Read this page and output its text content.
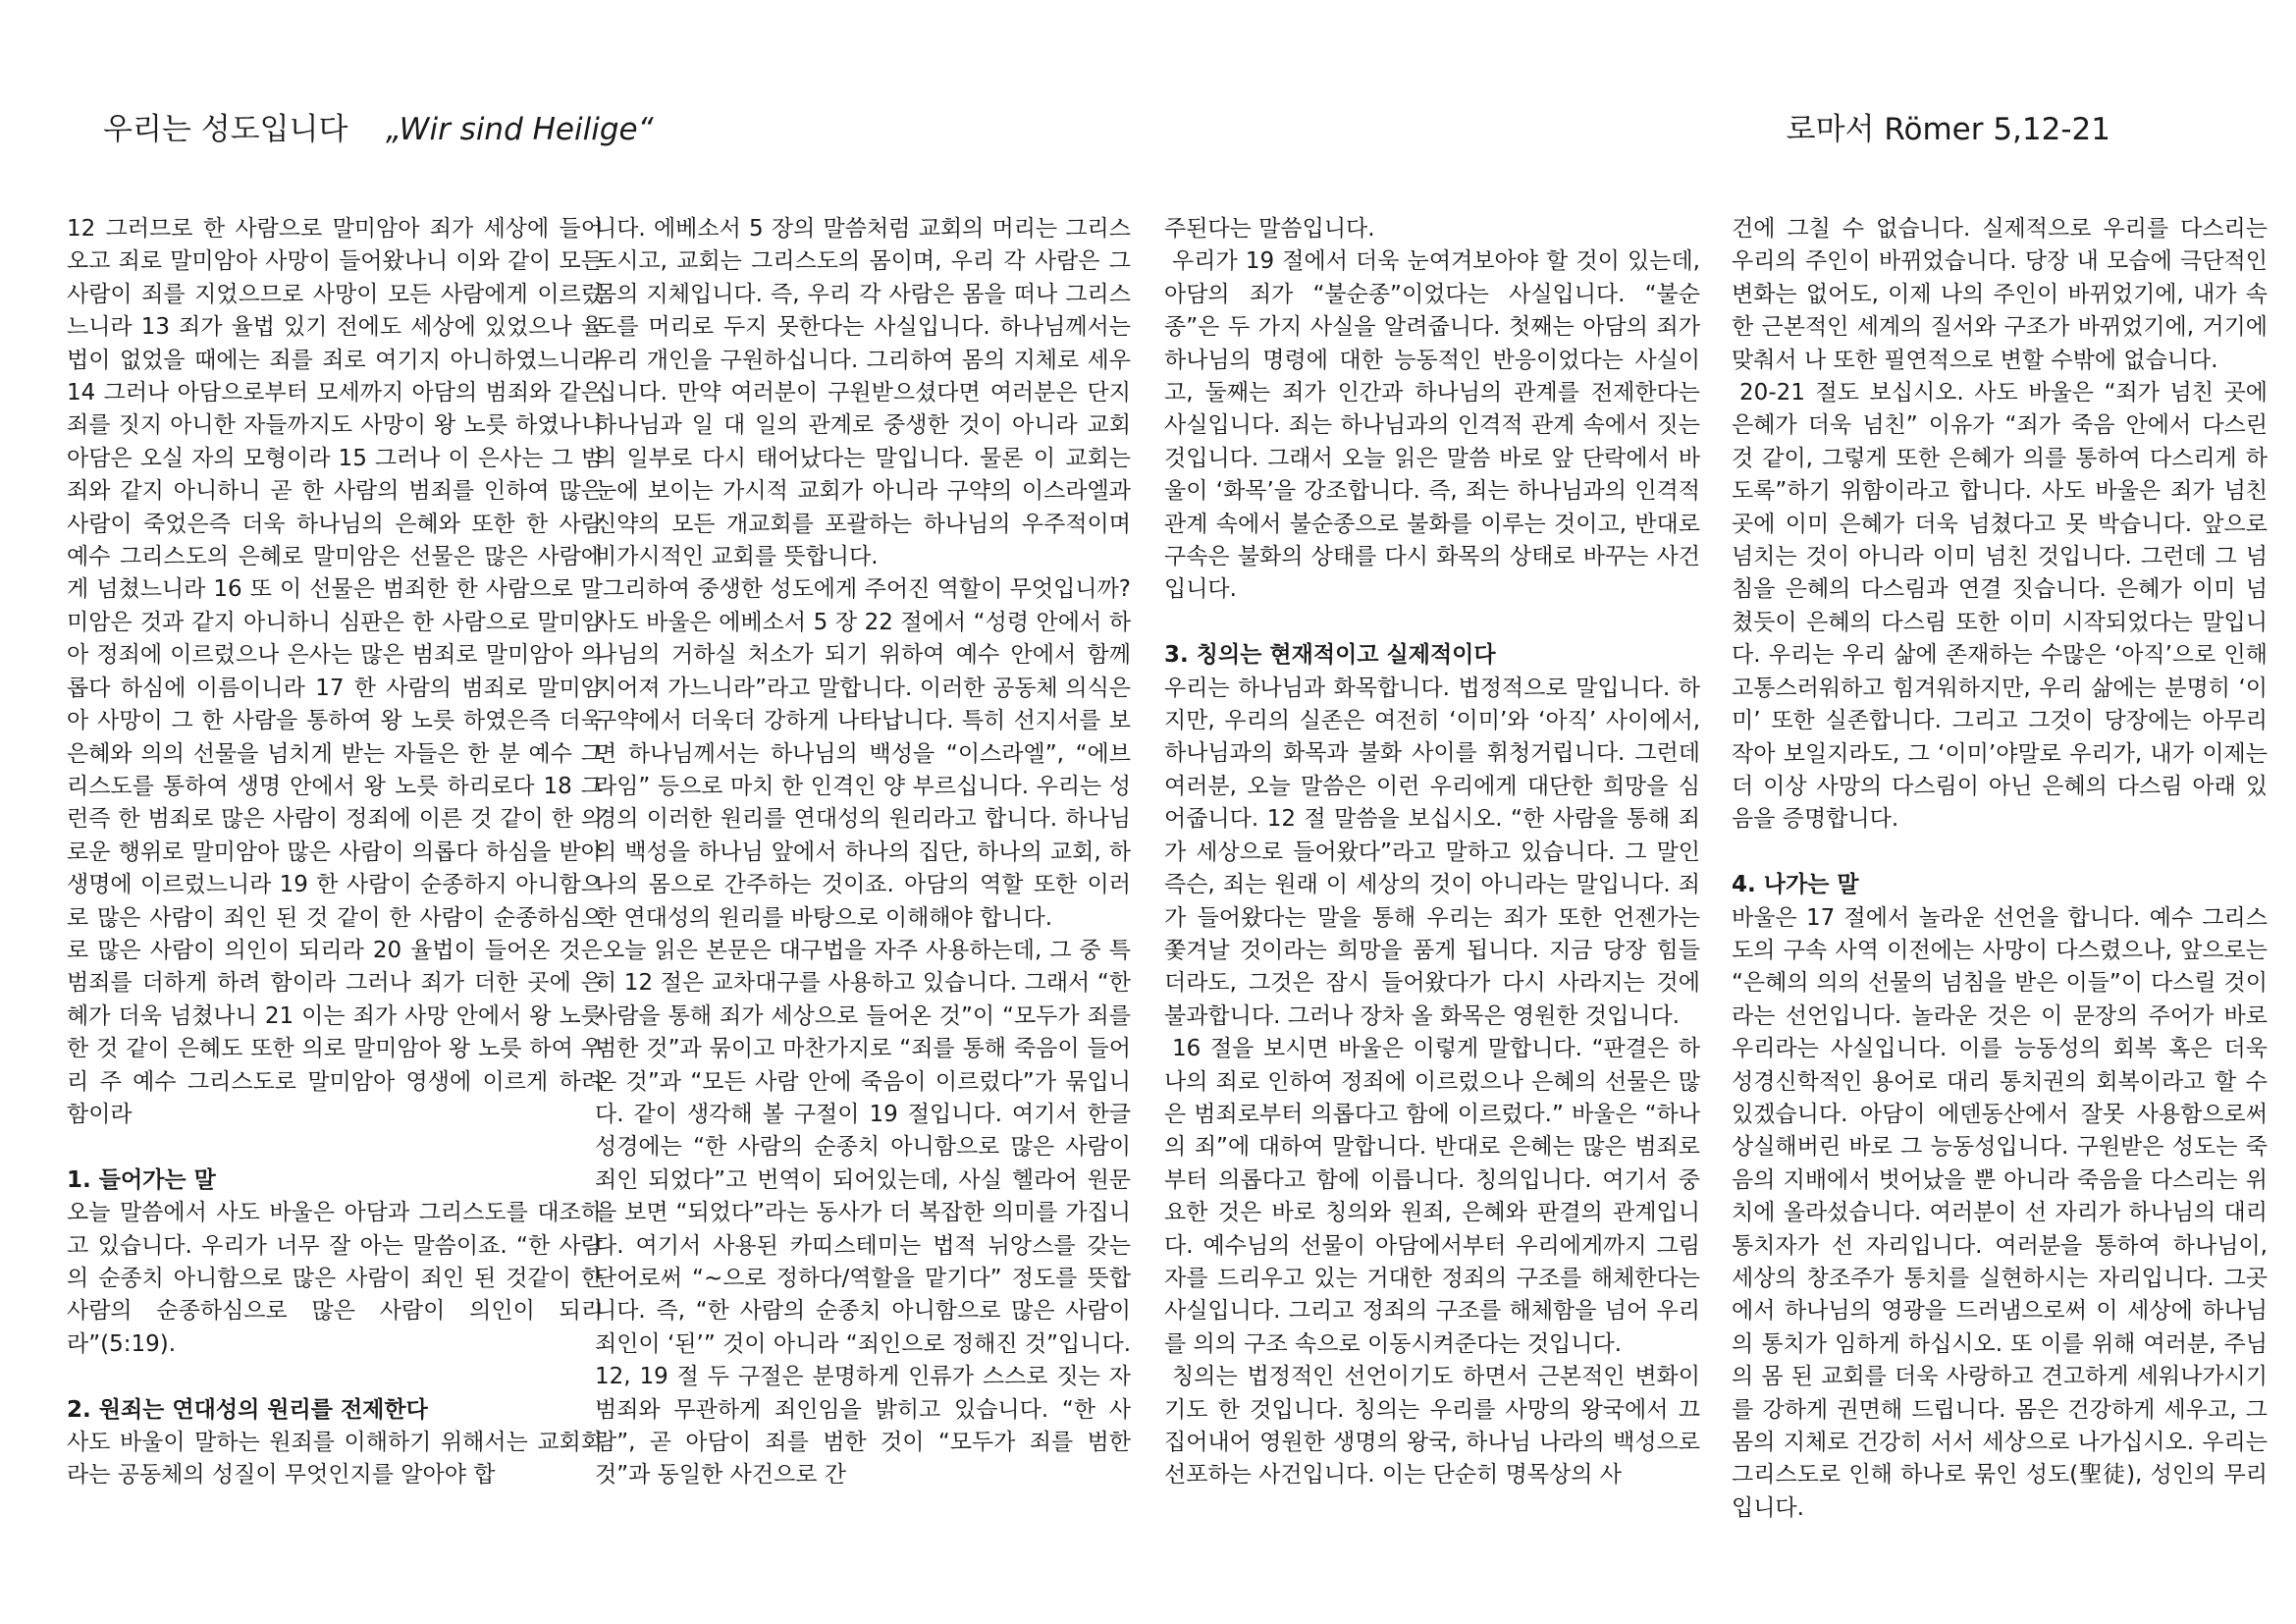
우리는 성도입니다 „Wir sind Heilige“	로마서 Römer 5,12-21

12 그러므로 한 사람으로 말미암아 죄가 세상에 들어오고 죄로 말미암아 사망이 들어왔나니 이와 같이 모든 사람이 죄를 지었으므로 사망이 모든 사람에게 이르렀느니라 13 죄가 율법 있기 전에도 세상에 있었으나 율법이 없었을 때에는 죄를 죄로 여기지 아니하였느니라 14 그러나 아담으로부터 모세까지 아담의 범죄와 같은 죄를 짓지 아니한 자들까지도 사망이 왕 노릇 하였나니 아담은 오실 자의 모형이라 15 그러나 이 은사는 그 범죄와 같지 아니하니 곧 한 사람의 범죄를 인하여 많은 사람이 죽었은즉 더욱 하나님의 은혜와 또한 한 사람 예수 그리스도의 은혜로 말미암은 선물은 많은 사람에게 넘쳤느니라 16 또 이 선물은 범죄한 한 사람으로 말미암은 것과 같지 아니하니 심판은 한 사람으로 말미암아 정죄에 이르렀으나 은사는 많은 범죄로 말미암아 의롭다 하심에 이름이니라 17 한 사람의 범죄로 말미암아 사망이 그 한 사람을 통하여 왕 노릇 하였은즉 더욱 은혜와 의의 선물을 넘치게 받는 자들은 한 분 예수 그리스도를 통하여 생명 안에서 왕 노릇 하리로다 18 그런즉 한 범죄로 많은 사람이 정죄에 이른 것 같이 한 의로운 행위로 말미암아 많은 사람이 의롭다 하심을 받아 생명에 이르렀느니라 19 한 사람이 순종하지 아니함으로 많은 사람이 죄인 된 것 같이 한 사람이 순종하심으로 많은 사람이 의인이 되리라 20 율법이 들어온 것은 범죄를 더하게 하려 함이라 그러나 죄가 더한 곳에 은혜가 더욱 넘쳤나니 21 이는 죄가 사망 안에서 왕 노릇 한 것 같이 은혜도 또한 의로 말미암아 왕 노릇 하여 우리 주 예수 그리스도로 말미암아 영생에 이르게 하려 함이라

1. 들어가는 말

오늘 말씀에서 사도 바울은 아담과 그리스도를 대조하고 있습니다. 우리가 너무 잘 아는 말씀이죠. “한 사람의 순종치 아니함으로 많은 사람이 죄인 된 것같이 한 사람의 순종하심으로 많은 사람이 의인이 되리라”(5:19).

2. 원죄는 연대성의 원리를 전제한다

사도 바울이 말하는 원죄를 이해하기 위해서는 교회회라는 공동체의 성질이 무엇인지를 알아야 합

니다. 에베소서 5 장의 말씀처럼 교회의 머리는 그리스도시고, 교회는 그리스도의 몸이며, 우리 각 사람은 그 몸의 지체입니다. 즉, 우리 각 사람은 몸을 떠나 그리스도를 머리로 두지 못한다는 사실입니다. 하나님께서는 우리 개인을 구원하십니다. 그리하여 몸의 지체로 세우십니다. 만약 여러분이 구원받으셨다면 여러분은 단지 하나님과 일 대 일의 관계로 중생한 것이 아니라 교회의 일부로 다시 태어났다는 말입니다. 물론 이 교회는 눈에 보이는 가시적 교회가 아니라 구약의 이스라엘과 신약의 모든 개교회를 포괄하는 하나님의 우주적이며 비가시적인 교회를 뜻합니다.

그리하여 중생한 성도에게 주어진 역할이 무엇입니까? 사도 바울은 에베소서 5 장 22 절에서 “성령 안에서 하나님의 거하실 처소가 되기 위하여 예수 안에서 함께 지어져 가느니라”라고 말합니다. 이러한 공동체 의식은 구약에서 더욱더 강하게 나타납니다. 특히 선지서를 보면 하나님께서는 하나님의 백성을 “이스라엘”, “에브라임” 등으로 마치 한 인격인 양 부르십니다. 우리는 성경의 이러한 원리를 연대성의 원리라고 합니다. 하나님의 백성을 하나님 앞에서 하나의 집단, 하나의 교회, 하나의 몸으로 간주하는 것이죠. 아담의 역할 또한 이러한 연대성의 원리를 바탕으로 이해해야 합니다.

오늘 읽은 본문은 대구법을 자주 사용하는데, 그 중 특히 12 절은 교차대구를 사용하고 있습니다. 그래서 “한 사람을 통해 죄가 세상으로 들어온 것”이 “모두가 죄를 범한 것”과 묶이고 마찬가지로 “죄를 통해 죽음이 들어온 것”과 “모든 사람 안에 죽음이 이르렀다”가 묶입니다. 같이 생각해 볼 구절이 19 절입니다. 여기서 한글 성경에는 “한 사람의 순종치 아니함으로 많은 사람이 죄인 되었다”고 번역이 되어있는데, 사실 헬라어 원문을 보면 “되었다”라는 동사가 더 복잡한 의미를 가집니다. 여기서 사용된 카띠스테미는 법적 뉘앙스를 갖는 단어로써 “~으로 정하다/역할을 맡기다” 정도를 뜻합니다. 즉, “한 사람의 순종치 아니함으로 많은 사람이 죄인이 ‘된’” 것이 아니라 “죄인으로 정해진 것”입니다. 12, 19 절 두 구절은 분명하게 인류가 스스로 짓는 자범죄와 무관하게 죄인임을 밝히고 있습니다. “한 사람”, 곧 아담이 죄를 범한 것이 “모두가 죄를 범한 것”과 동일한 사건으로 간

주된다는 말씀입니다.

우리가 19 절에서 더욱 눈여겨보아야 할 것이 있는데, 아담의 죄가 “불순종”이었다는 사실입니다. “불순종”은 두 가지 사실을 알려줍니다. 첫째는 아담의 죄가 하나님의 명령에 대한 능동적인 반응이었다는 사실이고, 둘째는 죄가 인간과 하나님의 관계를 전제한다는 사실입니다. 죄는 하나님과의 인격적 관계 속에서 짓는 것입니다. 그래서 오늘 읽은 말씀 바로 앞 단락에서 바울이 ‘화목’을 강조합니다. 즉, 죄는 하나님과의 인격적 관계 속에서 불순종으로 불화를 이루는 것이고, 반대로 구속은 불화의 상태를 다시 화목의 상태로 바꾸는 사건입니다.

3. 칭의는 현재적이고 실제적이다

우리는 하나님과 화목합니다. 법정적으로 말입니다. 하지만, 우리의 실존은 여전히 ‘이미’와 ‘아직’ 사이에서, 하나님과의 화목과 불화 사이를 휘청거립니다. 그런데 여러분, 오늘 말씀은 이런 우리에게 대단한 희망을 심어줍니다. 12 절 말씀을 보십시오. “한 사람을 통해 죄가 세상으로 들어왔다”라고 말하고 있습니다. 그 말인즉슨, 죄는 원래 이 세상의 것이 아니라는 말입니다. 죄가 들어왔다는 말을 통해 우리는 죄가 또한 언젠가는 쫓겨날 것이라는 희망을 품게 됩니다. 지금 당장 힘들더라도, 그것은 잠시 들어왔다가 다시 사라지는 것에 불과합니다. 그러나 장차 올 화목은 영원한 것입니다.

16 절을 보시면 바울은 이렇게 말합니다. “판결은 하나의 죄로 인하여 정죄에 이르렀으나 은혜의 선물은 많은 범죄로부터 의롭다고 함에 이르렀다.” 바울은 “하나의 죄”에 대하여 말합니다. 반대로 은혜는 많은 범죄로부터 의롭다고 함에 이릅니다. 칭의입니다. 여기서 중요한 것은 바로 칭의와 원죄, 은혜와 판결의 관계입니다. 예수님의 선물이 아담에서부터 우리에게까지 그림자를 드리우고 있는 거대한 정죄의 구조를 해체한다는 사실입니다. 그리고 정죄의 구조를 해체함을 넘어 우리를 의의 구조 속으로 이동시켜준다는 것입니다.

칭의는 법정적인 선언이기도 하면서 근본적인 변화이기도 한 것입니다. 칭의는 우리를 사망의 왕국에서 끄집어내어 영원한 생명의 왕국, 하나님 나라의 백성으로 선포하는 사건입니다. 이는 단순히 명목상의 사

건에 그칠 수 없습니다. 실제적으로 우리를 다스리는 우리의 주인이 바뀌었습니다. 당장 내 모습에 극단적인 변화는 없어도, 이제 나의 주인이 바뀌었기에, 내가 속한 근본적인 세계의 질서와 구조가 바뀌었기에, 거기에 맞춰서 나 또한 필연적으로 변할 수밖에 없습니다.

20-21 절도 보십시오. 사도 바울은 “죄가 넘친 곳에 은혜가 더욱 넘친” 이유가 “죄가 죽음 안에서 다스린 것 같이, 그렇게 또한 은혜가 의를 통하여 다스리게 하도록”하기 위함이라고 합니다. 사도 바울은 죄가 넘친 곳에 이미 은혜가 더욱 넘쳤다고 못 박습니다. 앞으로 넘치는 것이 아니라 이미 넘친 것입니다. 그런데 그 넘침을 은혜의 다스림과 연결 짓습니다. 은혜가 이미 넘쳤듯이 은혜의 다스림 또한 이미 시작되었다는 말입니다. 우리는 우리 삶에 존재하는 수많은 ‘아직’으로 인해 고통스러워하고 힘겨워하지만, 우리 삶에는 분명히 ‘이미’ 또한 실존합니다. 그리고 그것이 당장에는 아무리 작아 보일지라도, 그 ‘이미’야말로 우리가, 내가 이제는 더 이상 사망의 다스림이 아닌 은혜의 다스림 아래 있음을 증명합니다.

4. 나가는 말

바울은 17 절에서 놀라운 선언을 합니다. 예수 그리스도의 구속 사역 이전에는 사망이 다스렸으나, 앞으로는 “은혜의 의의 선물의 넘침을 받은 이들”이 다스릴 것이라는 선언입니다. 놀라운 것은 이 문장의 주어가 바로 우리라는 사실입니다. 이를 능동성의 회복 혹은 더욱 성경신학적인 용어로 대리 통치권의 회복이라고 할 수 있겠습니다. 아담이 에덴동산에서 잘못 사용함으로써 상실해버린 바로 그 능동성입니다. 구원받은 성도는 죽음의 지배에서 벗어났을 뿐 아니라 죽음을 다스리는 위치에 올라섰습니다. 여러분이 선 자리가 하나님의 대리 통치자가 선 자리입니다. 여러분을 통하여 하나님이, 세상의 창조주가 통치를 실현하시는 자리입니다. 그곳에서 하나님의 영광을 드러냄으로써 이 세상에 하나님의 통치가 임하게 하십시오. 또 이를 위해 여러분, 주님의 몸 된 교회를 더욱 사랑하고 견고하게 세워나가시기를 강하게 권면해 드립니다. 몸은 건강하게 세우고, 그 몸의 지체로 건강히 서서 세상으로 나가십시오. 우리는 그리스도로 인해 하나로 묶인 성도(聖徒), 성인의 무리입니다.
